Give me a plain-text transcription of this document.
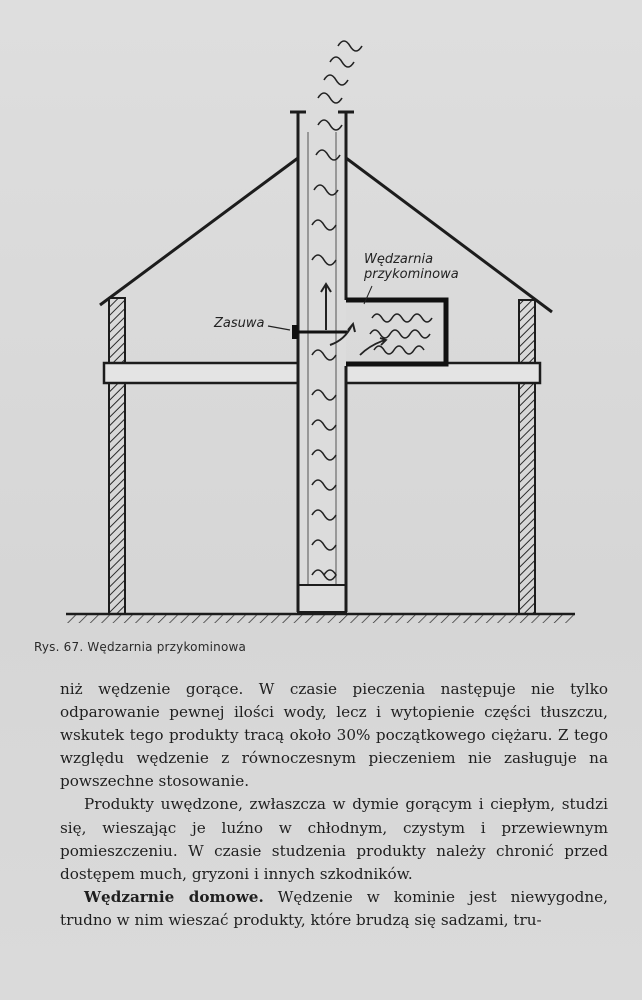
Wędzarnia
przykominowa
Zasuwa
Rys. 67. Wędzarnia przykominowa

niż wędzenie gorące. W czasie pieczenia następuje nie tylko odparowanie pewnej ilości wody, lecz i wytopienie części tłuszczu, wskutek tego produkty tracą około 30% początkowego ciężaru. Z tego względu wędzenie z równoczesnym pieczeniem nie zasługuje na powszechne stosowanie.

Produkty uwędzone, zwłaszcza w dymie gorącym i ciepłym, studzi się, wieszając je luźno w chłodnym, czystym i przewiewnym pomieszczeniu. W czasie studzenia produkty należy chronić przed dostępem much, gryzoni i innych szkodników.

Wędzarnie domowe. Wędzenie w kominie jest niewygodne, trudno w nim wieszać produkty, które brudzą się sadzami, tru-
